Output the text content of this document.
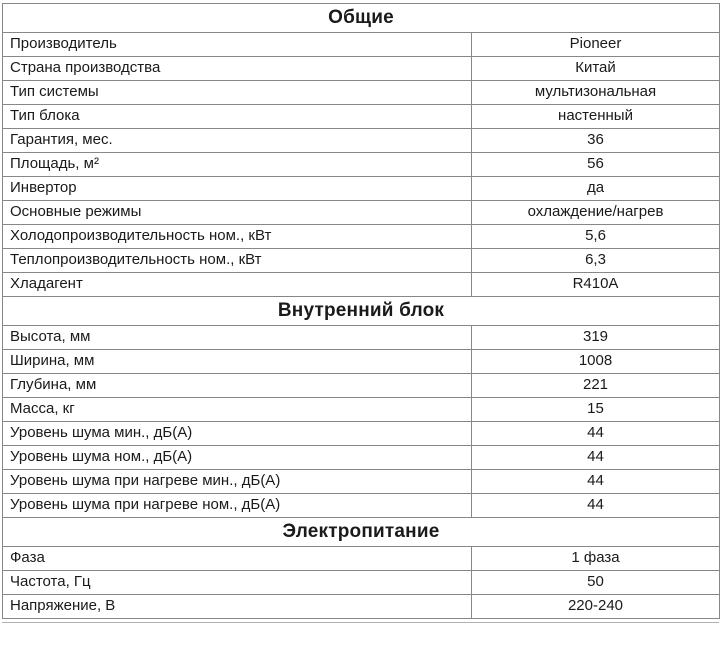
Общие	
Производитель	Pioneer
Страна производства	Китай
Тип системы	мультизональная
Тип блока	настенный
Гарантия, мес.	36
Площадь, м²	56
Инвертор	да
Основные режимы	охлаждение/нагрев
Холодопроизводительность ном., кВт	5,6
Теплопроизводительность ном., кВт	6,3
Хладагент	R410A
Внутренний блок	
Высота, мм	319
Ширина, мм	1008
Глубина, мм	221
Масса, кг	15
Уровень шума мин., дБ(А)	44
Уровень шума ном., дБ(А)	44
Уровень шума при нагреве мин., дБ(А)	44
Уровень шума при нагреве ном., дБ(А)	44
Электропитание	
Фаза	1 фаза
Частота, Гц	50
Напряжение, В	220-240
